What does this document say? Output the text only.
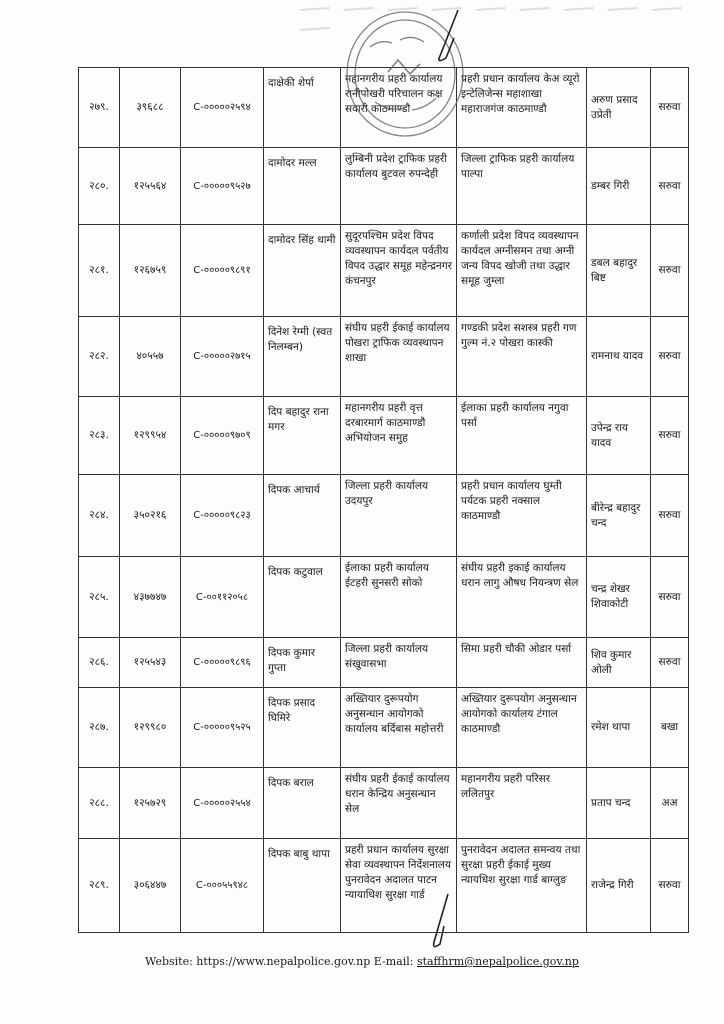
२७९.	३९६८८	C-०००००२५९४	दाक्षेकी शेर्पा	महानगरीय प्रहरी कार्यालय रानीपोखरी परिचालन कक्ष सवारी काठमाण्डौ	प्रहरी प्रधान कार्यालय केअ व्यूरो इन्टेलिजेन्स महाशाखा महाराजगंज काठमाण्डौ	अरुण प्रसाद उप्रेती	सरुवा
२८०.	१२५५६४	C-०००००९५२७	दामोदर मल्ल	लुम्बिनी प्रदेश ट्राफिक प्रहरी कार्यालय बुटवल रुपन्देही	जिल्ला ट्राफिक प्रहरी कार्यालय पाल्पा	डम्बर गिरी	सरुवा
२८१.	१२६७५९	C-०००००९८९१	दामोदर सिंह धामी	सुदूरपश्चिम प्रदेश विपद व्यवस्थापन कार्यदल पर्वतीय विपद उद्धार समूह महेन्द्रनगर कंचनपुर	कर्णाली प्रदेश विपद व्यवस्थापन कार्यदल अग्नीसमन तथा अग्नी जन्य विपद खोजी तथा उद्धार समूह जुम्ला	डबल बहादुर बिष्ट	सरुवा
२८२.	४०५५७	C-०००००२७१५	दिनेश रेग्मी (स्वत निलम्बन)	संघीय प्रहरी ईकाई कार्यालय पोखरा ट्राफिक व्यवस्थापन शाखा	गण्डकी प्रदेश सशस्त्र प्रहरी गण गुल्म नं.२ पोखरा कास्की	रामनाथ यादव	सरुवा
२८३.	१२९९५४	C-०००००९७०९	दिप बहादुर राना मगर	महानगरीय प्रहरी वृत्त दरबारमार्ग काठमाण्डौ अभियोजन समुह	ईलाका प्रहरी कार्यालय नगुवा पर्सा	उपेन्द्र राय यादव	सरुवा
२८४.	३५०२१६	C-०००००९८२३	दिपक आचार्य	जिल्ला प्रहरी कार्यालय उदयपुर	प्रहरी प्रधान कार्यालय घुम्ती पर्यटक प्रहरी नक्साल काठमाण्डौ	बीरेन्द्र बहादुर चन्द	सरुवा
२८५.	४३७७४७	C-००११२०५८	दिपक कटुवाल	ईलाका प्रहरी कार्यालय ईटहरी सुनसरी सोको	संघीय प्रहरी इकाई कार्यालय धरान लागु औषध नियन्त्रण सेल	चन्द्र शेखर शिवाकोटी	सरुवा
२८६.	१२५५४३	C-०००००९८९६	दिपक कुमार गुप्ता	जिल्ला प्रहरी कार्यालय संखुवासभा	सिमा प्रहरी चौकी ओडार पर्सा	शिव कुमार ओली	सरुवा
२८७.	१२९९८०	C-०००००९५२५	दिपक प्रसाद घिमिरे	अख्तियार दुरूपयोग अनुसन्धान आयोगको कार्यालय बर्दिबास महोत्तरी	अख्तियार दुरूपयोग अनुसन्धान आयोगको कार्यालय टंगाल काठमाण्डौ	रमेश थापा	बखा
२८८.	१२५७२९	C-०००००२५५४	दिपक बराल	संघीय प्रहरी ईकाई कार्यालय धरान केन्द्रिय अनुसन्धान सेल	महानगरीय प्रहरी परिसर ललितपुर	प्रताप चन्द	अअ
२८९.	३०६४४७	C-०००५५९४८	दिपक बाबु थापा	प्रहरी प्रधान कार्यालय सुरक्षा सेवा व्यवस्थापन निर्देशनालय पुनरावेदन अदालत पाटन न्यायाधिश सुरक्षा गार्ड	पुनरावेदन अदालत समन्वय तथा सुरक्षा प्रहरी ईकाई मुख्य न्यायधिश सुरक्षा गार्ड बाग्लुङ	राजेन्द्र गिरी	सरुवा
Website: https://www.nepalpolice.gov.np E-mail: staffhrm@nepalpolice.gov.np
